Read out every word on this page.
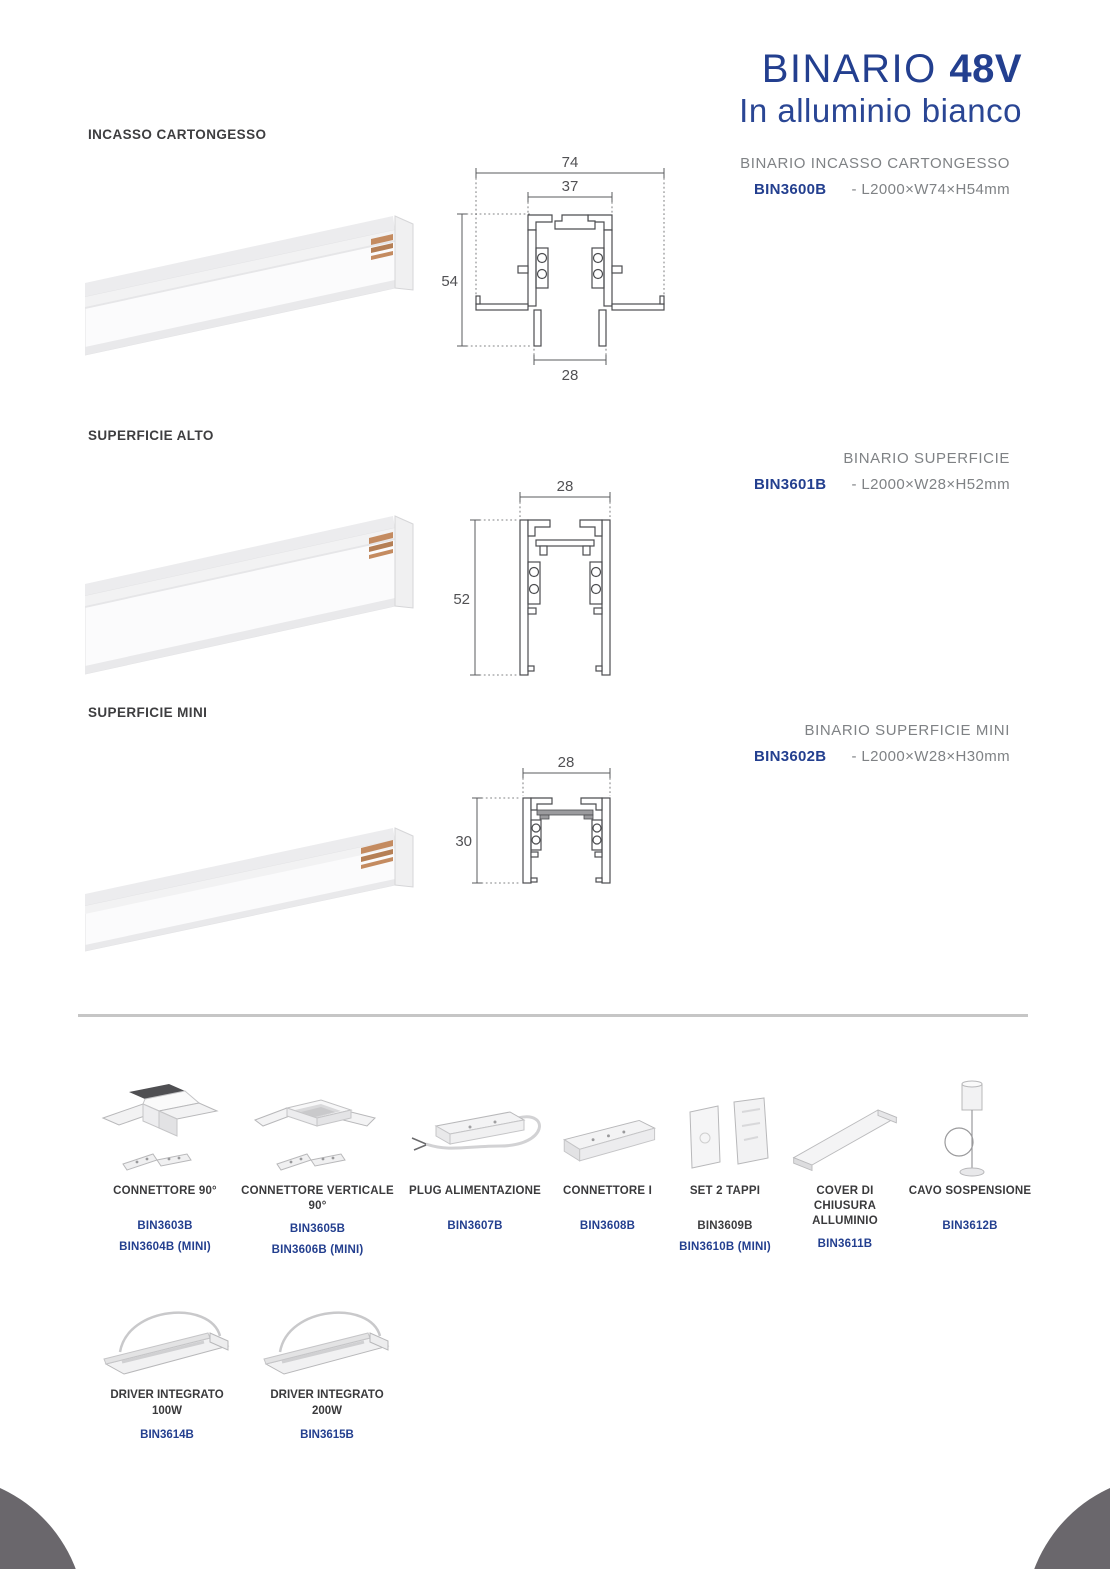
BINARIO 48V
In alluminio bianco
INCASSO CARTONGESSO
74
37
54
28
BINARIO INCASSO CARTONGESSO
BIN3600B - L2000×W74×H54mm
SUPERFICIE ALTO
28
52
BINARIO SUPERFICIE
BIN3601B - L2000×W28×H52mm
SUPERFICIE MINI
28
30
BINARIO SUPERFICIE MINI
BIN3602B - L2000×W28×H30mm
CONNETTORE 90°
BIN3603B
BIN3604B (MINI)
CONNETTORE VERTICALE 90°
BIN3605B
BIN3606B (MINI)
PLUG ALIMENTAZIONE
BIN3607B
CONNETTORE I
BIN3608B
SET 2 TAPPI
BIN3609B
BIN3610B (MINI)
COVER DI CHIUSURA ALLUMINIO
BIN3611B
CAVO SOSPENSIONE
BIN3612B
DRIVER INTEGRATO
100W
BIN3614B
DRIVER INTEGRATO
200W
BIN3615B
